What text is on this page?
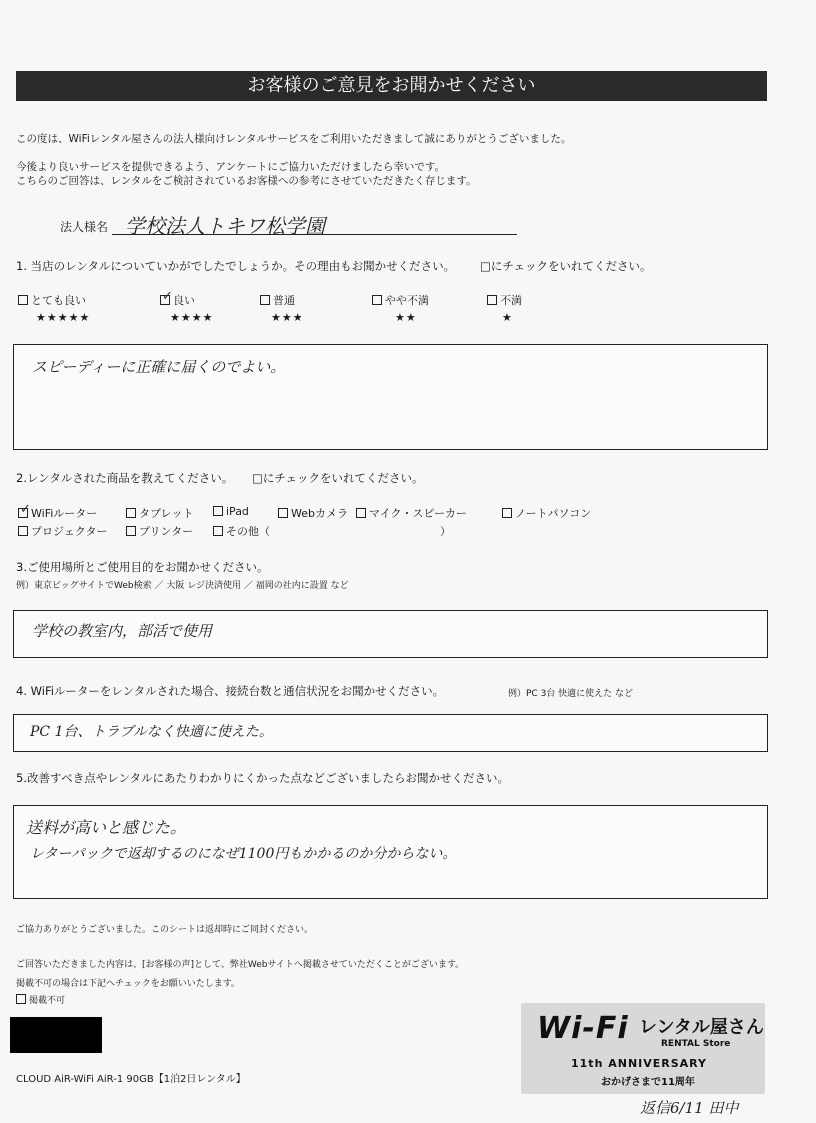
お客様のご意見をお聞かせください
この度は、WiFiレンタル屋さんの法人様向けレンタルサービスをご利用いただきまして誠にありがとうございました。
今後より良いサービスを提供できるよう、アンケートにご協力いただけましたら幸いです。
こちらのご回答は、レンタルをご検討されているお客様への参考にさせていただきたく存じます。
法人様名 学校法人トキワ松学園
1. 当店のレンタルについていかがでしたでしょうか。その理由もお聞かせください。 □にチェックをいれてください。
とても良い	✓ 良い	普通	やや不満	不満
★★★★★	★★★★	★★★	★★	★
スピーディーに正確に届くのでよい。
2.レンタルされた商品を教えてください。 □にチェックをいれてください。
✓ WiFiルーター	タブレット	iPad	Webカメラ	マイク・スピーカー	ノートパソコン
プロジェクター	プリンター	その他（	）
3.ご使用場所とご使用目的をお聞かせください。
例）東京ビッグサイトでWeb検索 ／ 大阪 レジ決済使用 ／ 福岡の社内に設置 など
学校の教室内，部活で使用
4. WiFiルーターをレンタルされた場合、接続台数と通信状況をお聞かせください。	例）PC 3台 快適に使えた など
PC 1台、トラブルなく快適に使えた。
5.改善すべき点やレンタルにあたりわかりにくかった点などございましたらお聞かせください。
送料が高いと感じた。
レターパックで返却するのになぜ1100円もかかるのか分からない。
ご協力ありがとうございました。このシートは返却時にご同封ください。
ご回答いただきました内容は、[お客様の声]として、弊社Webサイトへ掲載させていただくことがございます。
掲載不可の場合は下記へチェックをお願いいたします。
掲載不可
CLOUD AiR-WiFi AiR-1 90GB【1泊2日レンタル】
Wi-Fi レンタル屋さん
RENTAL Store
11th ANNIVERSARY
おかげさまで11周年
返信6/11 田中
